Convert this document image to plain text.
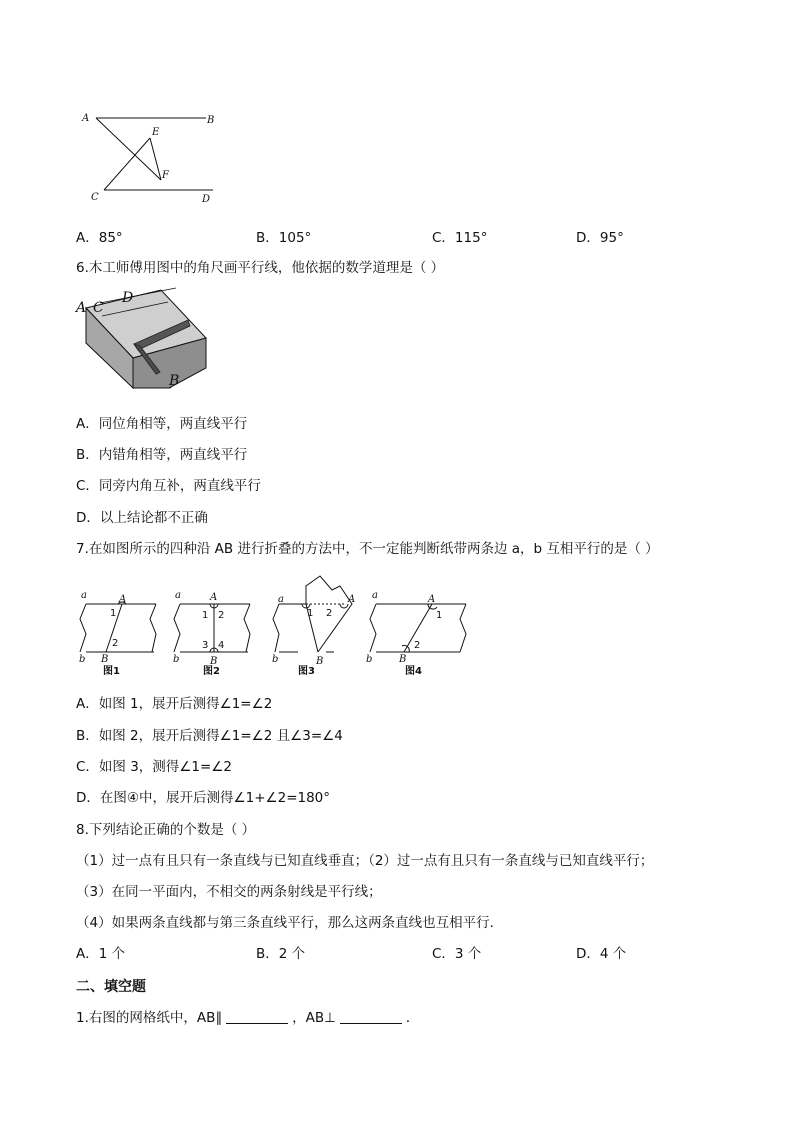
A	B
C	D
E
F
A．85°	B．105°	C．115°	D．95°
6.木工师傅用图中的角尺画平行线，他依据的数学道理是（ ）
A C
D
B
A．同位角相等，两直线平行
B．内错角相等，两直线平行
C．同旁内角互补，两直线平行
D．以上结论都不正确
7.在如图所示的四种沿 AB 进行折叠的方法中，不一定能判断纸带两条边 a，b 互相平行的是（ ）
a
b
A
B
1
2
图1
a
b
A
B
1 2
3 4
图2
a
b
A
B
1 2
图3
a
b
A
B
1
2
图4
A．如图 1，展开后测得∠1=∠2
B．如图 2，展开后测得∠1=∠2 且∠3=∠4
C．如图 3，测得∠1=∠2
D．在图④中，展开后测得∠1+∠2=180°
8.下列结论正确的个数是（ ）
（1）过一点有且只有一条直线与已知直线垂直；（2）过一点有且只有一条直线与已知直线平行；
（3）在同一平面内，不相交的两条射线是平行线；
（4）如果两条直线都与第三条直线平行，那么这两条直线也互相平行．
A．1 个	B．2 个	C．3 个	D．4 个
二、填空题
1.右图的网格纸中，AB∥	，AB⊥	．
